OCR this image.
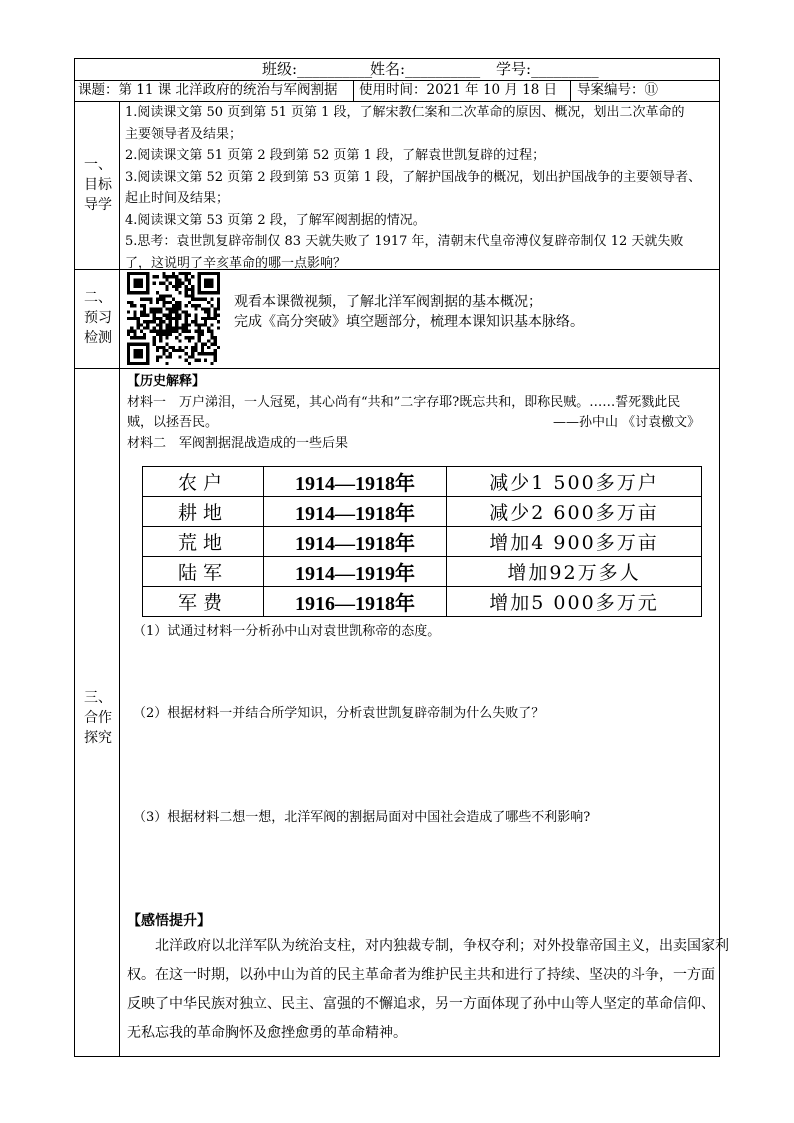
班级:__________
姓名:__________ 学号:_________
课题：第 11 课 北洋政府的统治与军阀割据 使用时间：2021 年 10 月 18 日 导案编号：⑪
一、
目标
导学
1.阅读课文第 50 页到第 51 页第 1 段，了解宋教仁案和二次革命的原因、概况，划出二次革命的
主要领导者及结果；
2.阅读课文第 51 页第 2 段到第 52 页第 1 段，了解袁世凯复辟的过程；
3.阅读课文第 52 页第 2 段到第 53 页第 1 段，了解护国战争的概况，划出护国战争的主要领导者、
起止时间及结果；
4.阅读课文第 53 页第 2 段，了解军阀割据的情况。
5.思考：袁世凯复辟帝制仅 83 天就失败了 1917 年，清朝末代皇帝溥仪复辟帝制仅 12 天就失败
了，这说明了辛亥革命的哪一点影响？
二、
预习
检测
观看本课微视频，了解北洋军阀割据的基本概况；
完成《高分突破》填空题部分，梳理本课知识基本脉络。
三、
合作
探究
【历史解释】
材料一　万户涕泪，一人冠冕，其心尚有“共和”二字存耶?既忘共和，即称民贼。……誓死戮此民
贼，以拯吾民。	——孙中山 《讨袁檄文》
材料二　军阀割据混战造成的一些后果
农户	1914—1918年	减少1 500多万户
耕地	1914—1918年	减少2 600多万亩
荒地	1914—1918年	增加4 900多万亩
陆军	1914—1919年	增加92万多人
军费	1916—1918年	增加5 000多万元
（1）试通过材料一分析孙中山对袁世凯称帝的态度。
（2）根据材料一并结合所学知识，分析袁世凯复辟帝制为什么失败了？
（3）根据材料二想一想，北洋军阀的割据局面对中国社会造成了哪些不利影响?
【感悟提升】
　　北洋政府以北洋军队为统治支柱，对内独裁专制，争权夺利；对外投靠帝国主义，出卖国家利
权。在这一时期，以孙中山为首的民主革命者为维护民主共和进行了持续、坚决的斗争，一方面
反映了中华民族对独立、民主、富强的不懈追求，另一方面体现了孙中山等人坚定的革命信仰、
无私忘我的革命胸怀及愈挫愈勇的革命精神。
